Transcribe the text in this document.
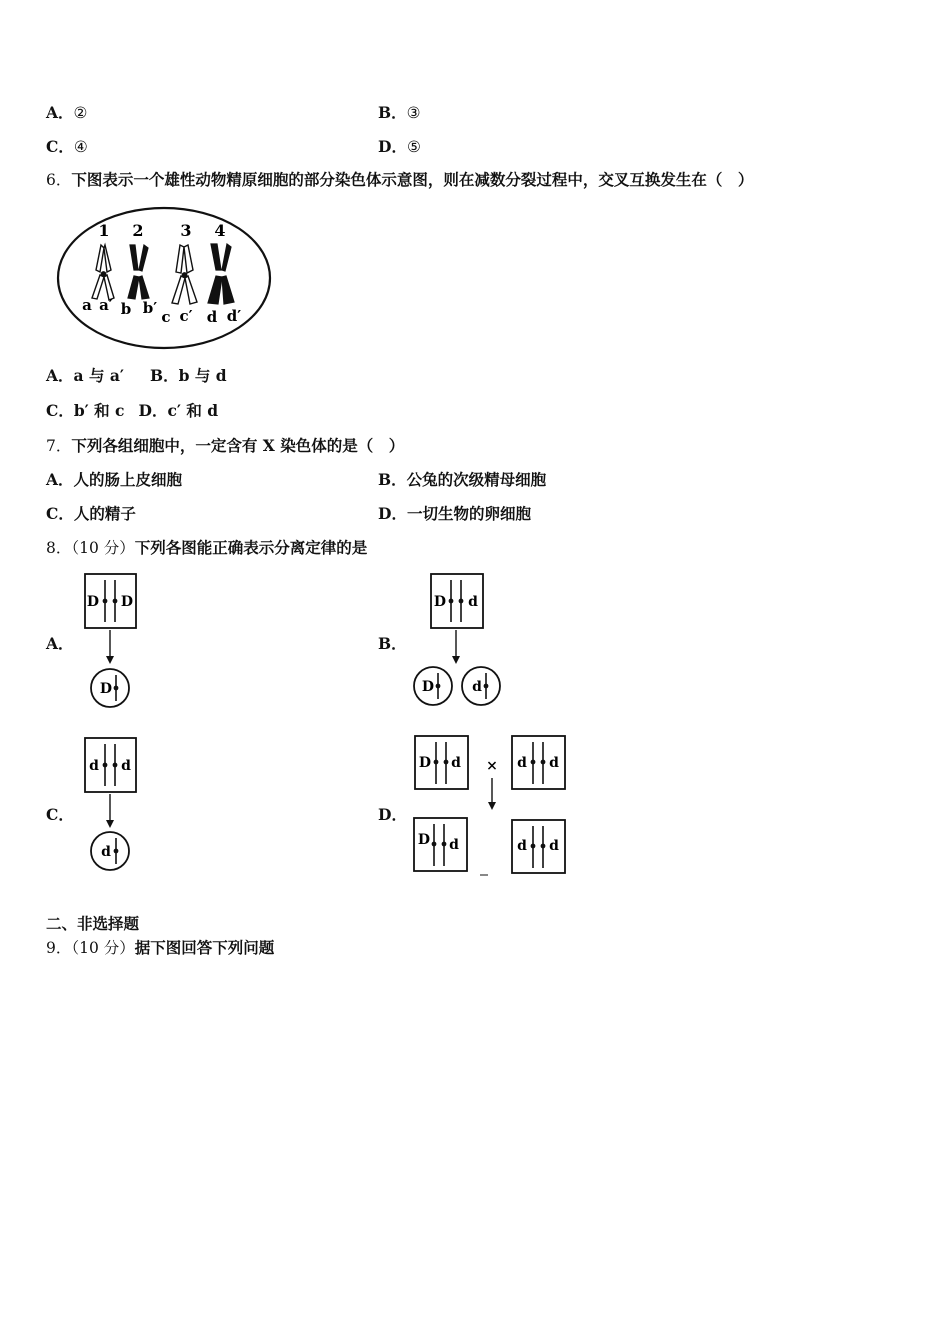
A．②	B．③
C．④	D．⑤
6．下图表示一个雄性动物精原细胞的部分染色体示意图，则在减数分裂过程中，交叉互换发生在（　）
1 2 3 4
a a′ b b′ c c′ d d′
A．a 与 a′ B．b 与 d
C．b′ 和 c D．c′ 和 d
7．下列各组细胞中，一定含有 X 染色体的是（　）
A．人的肠上皮细胞	B．公兔的次级精母细胞
C．人的精子	D．一切生物的卵细胞
8．（10 分）下列各图能正确表示分离定律的是
A．	B．
C．	D．
D D
D
D d
D	d
d d
d
D d × d d
D d	d d
二、非选择题
9．（10 分）据下图回答下列问题
